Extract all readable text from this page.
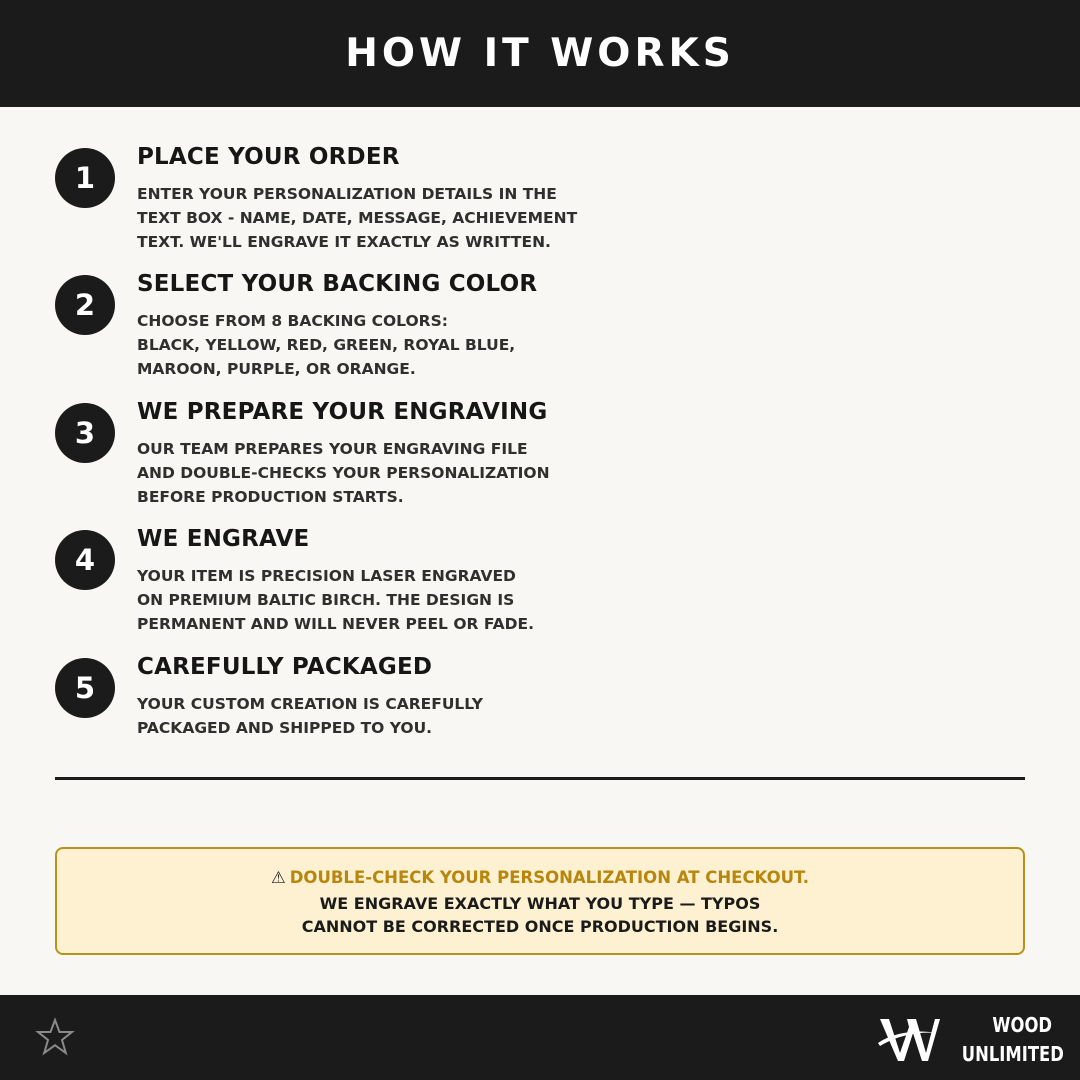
HOW IT WORKS
1
PLACE YOUR ORDER

ENTER YOUR PERSONALIZATION DETAILS IN THE
TEXT BOX - NAME, DATE, MESSAGE, ACHIEVEMENT
TEXT. WE'LL ENGRAVE IT EXACTLY AS WRITTEN.

2
SELECT YOUR BACKING COLOR

CHOOSE FROM 8 BACKING COLORS:
BLACK, YELLOW, RED, GREEN, ROYAL BLUE,
MAROON, PURPLE, OR ORANGE.

3
WE PREPARE YOUR ENGRAVING

OUR TEAM PREPARES YOUR ENGRAVING FILE
AND DOUBLE-CHECKS YOUR PERSONALIZATION
BEFORE PRODUCTION STARTS.

4
WE ENGRAVE

YOUR ITEM IS PRECISION LASER ENGRAVED
ON PREMIUM BALTIC BIRCH. THE DESIGN IS
PERMANENT AND WILL NEVER PEEL OR FADE.

5
CAREFULLY PACKAGED

YOUR CUSTOM CREATION IS CAREFULLY
PACKAGED AND SHIPPED TO YOU.

⚠ DOUBLE-CHECK YOUR PERSONALIZATION AT CHECKOUT.
WE ENGRAVE EXACTLY WHAT YOU TYPE — TYPOS
CANNOT BE CORRECTED ONCE PRODUCTION BEGINS.
WOOD
UNLIMITED
